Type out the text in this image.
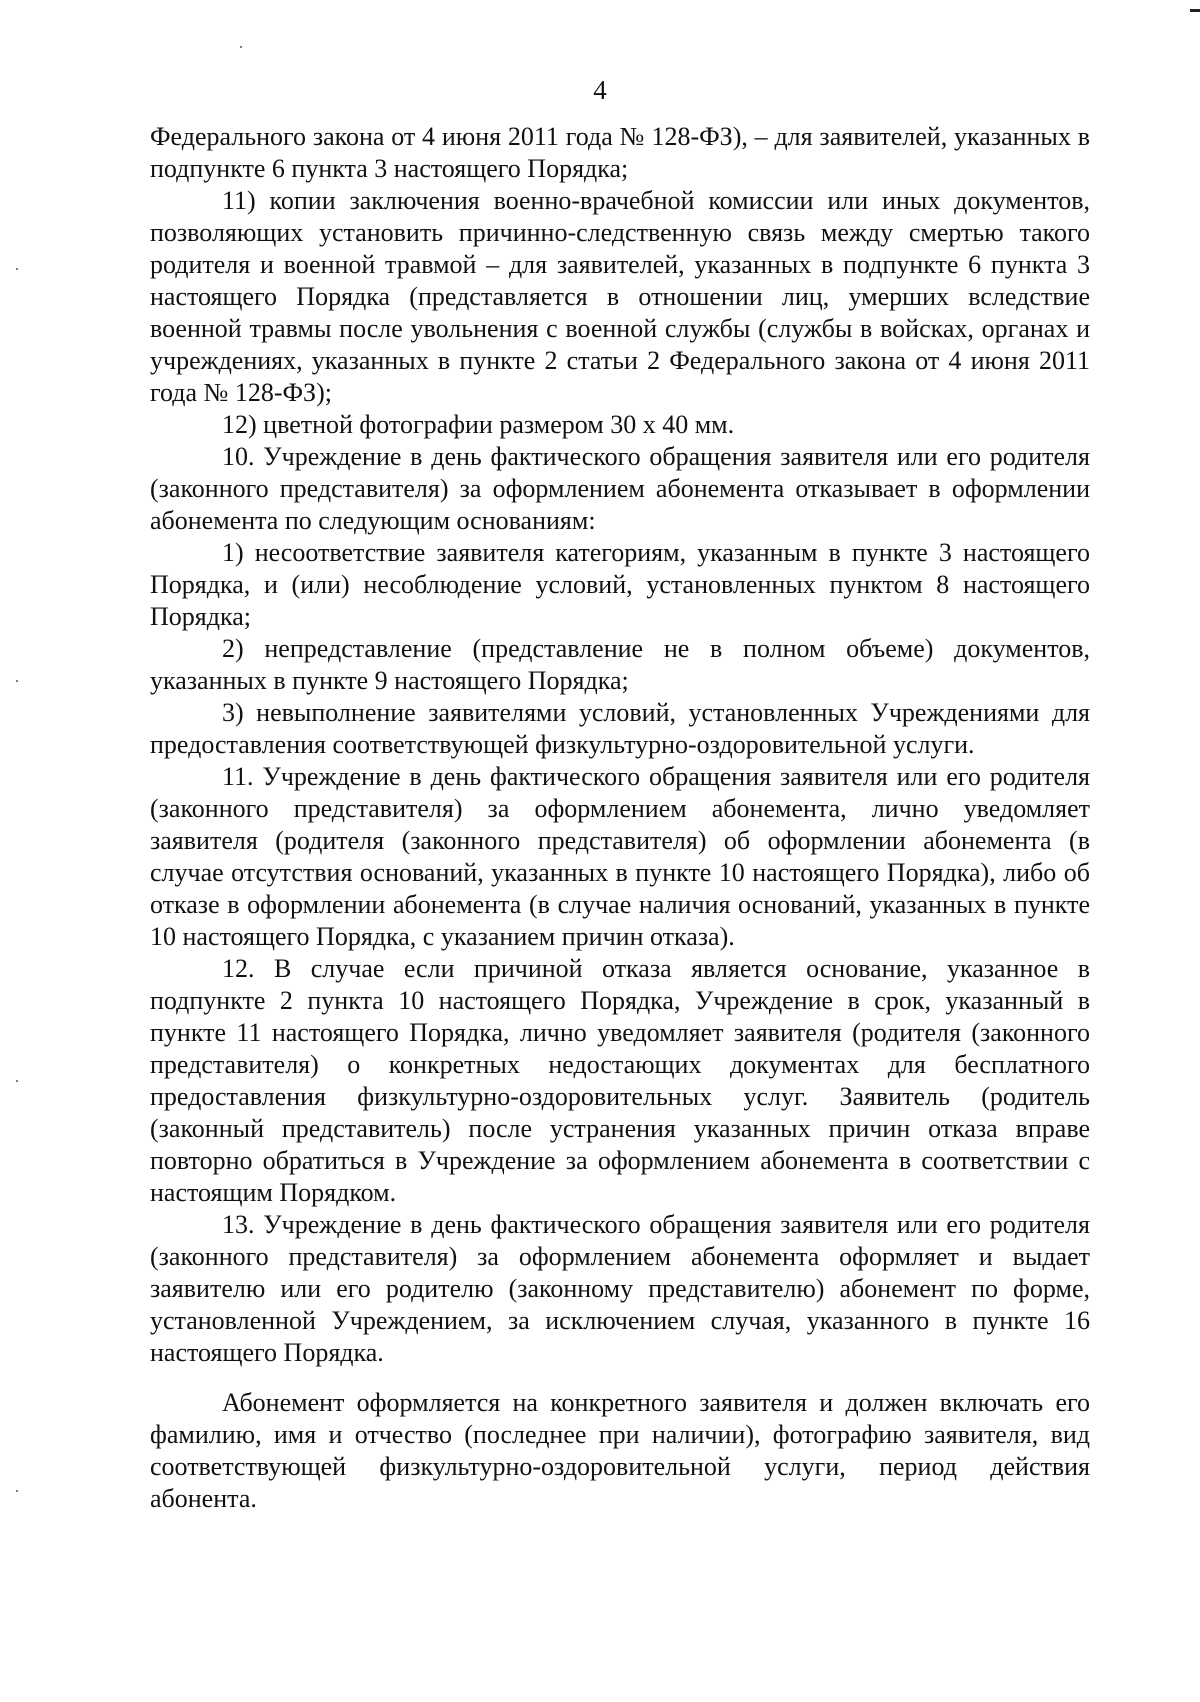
4

Федерального закона от 4 июня 2011 года № 128-ФЗ), – для заявителей, указанных в подпункте 6 пункта 3 настоящего Порядка;

11) копии заключения военно-врачебной комиссии или иных документов, позволяющих установить причинно-следственную связь между смертью такого родителя и военной травмой – для заявителей, указанных в подпункте 6 пункта 3 настоящего Порядка (представляется в отношении лиц, умерших вследствие военной травмы после увольнения с военной службы (службы в войсках, органах и учреждениях, указанных в пункте 2 статьи 2 Федерального закона от 4 июня 2011 года № 128-ФЗ);

12) цветной фотографии размером 30 х 40 мм.

10. Учреждение в день фактического обращения заявителя или его родителя (законного представителя) за оформлением абонемента отказывает в оформлении абонемента по следующим основаниям:

1) несоответствие заявителя категориям, указанным в пункте 3 настоящего Порядка, и (или) несоблюдение условий, установленных пунктом 8 настоящего Порядка;

2) непредставление (представление не в полном объеме) документов, указанных в пункте 9 настоящего Порядка;

3) невыполнение заявителями условий, установленных Учреждениями для предоставления соответствующей физкультурно-оздоровительной услуги.

11. Учреждение в день фактического обращения заявителя или его родителя (законного представителя) за оформлением абонемента, лично уведомляет заявителя (родителя (законного представителя) об оформлении абонемента (в случае отсутствия оснований, указанных в пункте 10 настоящего Порядка), либо об отказе в оформлении абонемента (в случае наличия оснований, указанных в пункте 10 настоящего Порядка, с указанием причин отказа).

12. В случае если причиной отказа является основание, указанное в подпункте 2 пункта 10 настоящего Порядка, Учреждение в срок, указанный в пункте 11 настоящего Порядка, лично уведомляет заявителя (родителя (законного представителя) о конкретных недостающих документах для бесплатного предоставления физкультурно-оздоровительных услуг. Заявитель (родитель (законный представитель) после устранения указанных причин отказа вправе повторно обратиться в Учреждение за оформлением абонемента в соответствии с настоящим Порядком.

13. Учреждение в день фактического обращения заявителя или его родителя (законного представителя) за оформлением абонемента оформляет и выдает заявителю или его родителю (законному представителю) абонемент по форме, установленной Учреждением, за исключением случая, указанного в пункте 16 настоящего Порядка.

Абонемент оформляется на конкретного заявителя и должен включать его фамилию, имя и отчество (последнее при наличии), фотографию заявителя, вид соответствующей физкультурно-оздоровительной услуги, период действия абонента.
